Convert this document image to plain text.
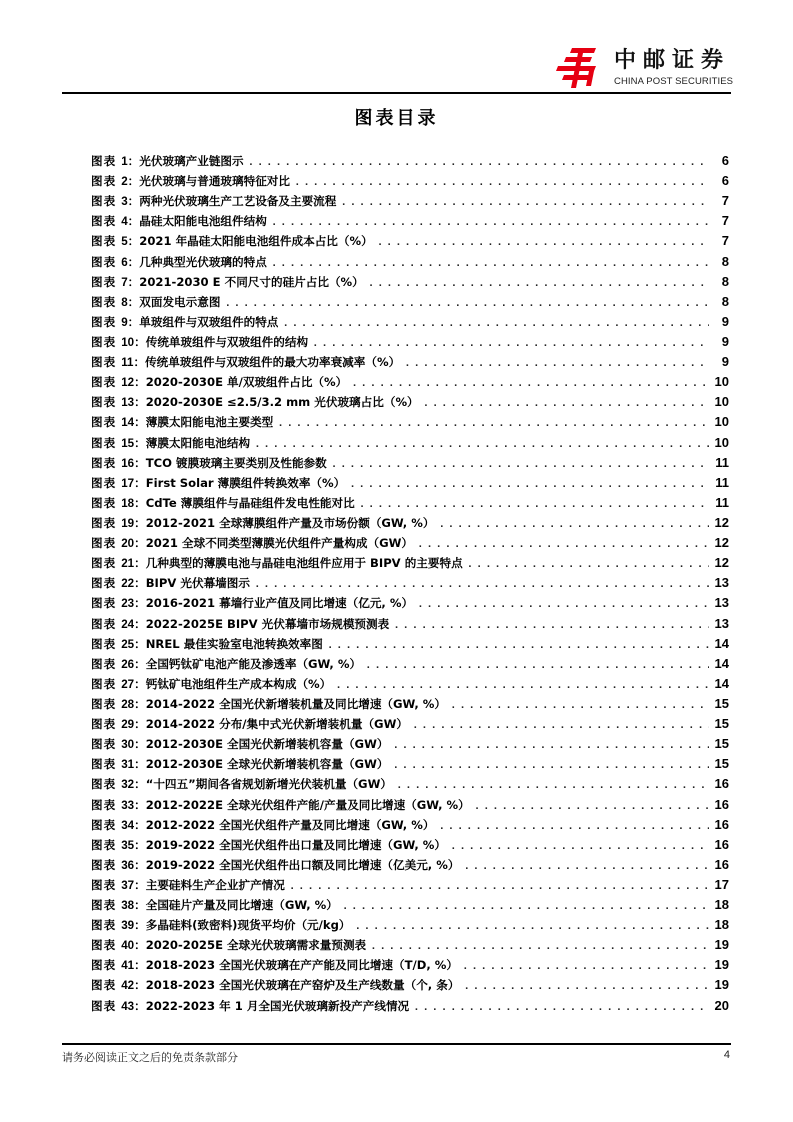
中邮证券
CHINA POST SECURITIES
图表目录
图表 1：光伏玻璃产业链图示 .....	6
图表 2：光伏玻璃与普通玻璃特征对比 .....	6
图表 3：两种光伏玻璃生产工艺设备及主要流程 .....	7
图表 4：晶硅太阳能电池组件结构 .....	7
图表 5：2021 年晶硅太阳能电池组件成本占比（%） .....	7
图表 6：几种典型光伏玻璃的特点 .....	8
图表 7：2021-2030 E 不同尺寸的硅片占比（%） .....	8
图表 8：双面发电示意图 .....	8
图表 9：单玻组件与双玻组件的特点 .....	9
图表 10：传统单玻组件与双玻组件的结构 .....	9
图表 11：传统单玻组件与双玻组件的最大功率衰减率（%） .....	9
图表 12：2020-2030E 单/双玻组件占比（%） .....	10
图表 13：2020-2030E ≤2.5/3.2 mm 光伏玻璃占比（%） .....	10
图表 14：薄膜太阳能电池主要类型 .....	10
图表 15：薄膜太阳能电池结构 .....	10
图表 16：TCO 镀膜玻璃主要类别及性能参数 .....	11
图表 17：First Solar 薄膜组件转换效率（%） .....	11
图表 18：CdTe 薄膜组件与晶硅组件发电性能对比 .....	11
图表 19：2012-2021 全球薄膜组件产量及市场份额（GW, %） .....	12
图表 20：2021 全球不同类型薄膜光伏组件产量构成（GW） .....	12
图表 21：几种典型的薄膜电池与晶硅电池组件应用于 BIPV 的主要特点 .....	12
图表 22：BIPV 光伏幕墙图示 .....	13
图表 23：2016-2021 幕墙行业产值及同比增速（亿元, %） .....	13
图表 24：2022-2025E BIPV 光伏幕墙市场规模预测表 .....	13
图表 25：NREL 最佳实验室电池转换效率图 .....	14
图表 26：全国钙钛矿电池产能及渗透率（GW, %） .....	14
图表 27：钙钛矿电池组件生产成本构成（%） .....	14
图表 28：2014-2022 全国光伏新增装机量及同比增速（GW, %） .....	15
图表 29：2014-2022 分布/集中式光伏新增装机量（GW） .....	15
图表 30：2012-2030E 全国光伏新增装机容量（GW） .....	15
图表 31：2012-2030E 全球光伏新增装机容量（GW） .....	15
图表 32：“十四五”期间各省规划新增光伏装机量（GW） .....	16
图表 33：2012-2022E 全球光伏组件产能/产量及同比增速（GW, %） .....	16
图表 34：2012-2022 全国光伏组件产量及同比增速（GW, %） .....	16
图表 35：2019-2022 全国光伏组件出口量及同比增速（GW, %） .....	16
图表 36：2019-2022 全国光伏组件出口额及同比增速（亿美元, %） .....	16
图表 37：主要硅料生产企业扩产情况 .....	17
图表 38：全国硅片产量及同比增速（GW, %） .....	18
图表 39：多晶硅料(致密料)现货平均价（元/kg） .....	18
图表 40：2020-2025E 全球光伏玻璃需求量预测表 .....	19
图表 41：2018-2023 全国光伏玻璃在产产能及同比增速（T/D, %） .....	19
图表 42：2018-2023 全国光伏玻璃在产窑炉及生产线数量（个, 条） .....	19
图表 43：2022-2023 年 1 月全国光伏玻璃新投产产线情况 .....	20
请务必阅读正文之后的免责条款部分	4
